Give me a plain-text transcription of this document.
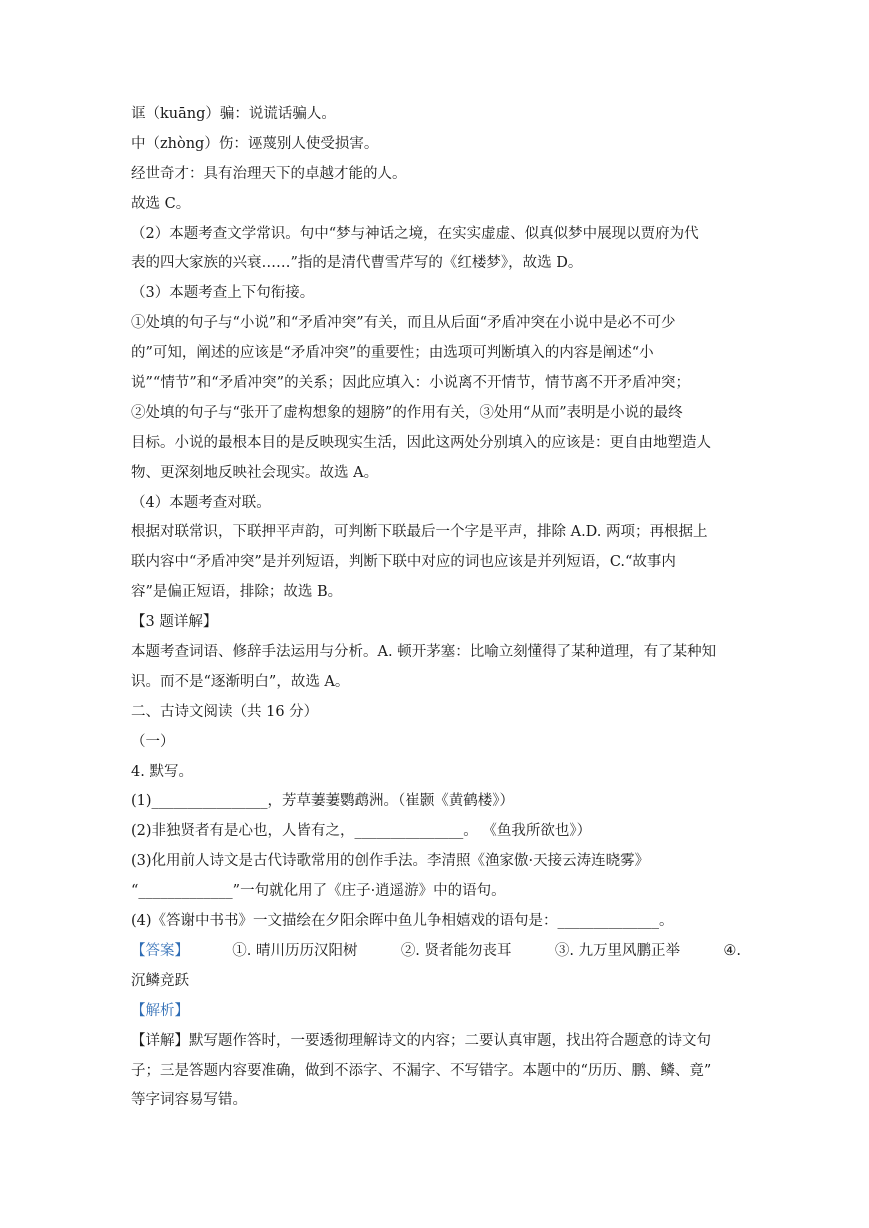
诓（kuāng）骗：说谎话骗人。
中（zhòng）伤：诬蔑别人使受损害。
经世奇才：具有治理天下的卓越才能的人。
故选 C。
（2）本题考查文学常识。句中“梦与神话之境，在实实虚虚、似真似梦中展现以贾府为代
表的四大家族的兴衰……”指的是清代曹雪芹写的《红楼梦》，故选 D。
（3）本题考查上下句衔接。
①处填的句子与“小说”和“矛盾冲突”有关，而且从后面“矛盾冲突在小说中是必不可少
的”可知，阐述的应该是“矛盾冲突”的重要性；由选项可判断填入的内容是阐述“小
说”“情节”和“矛盾冲突”的关系；因此应填入：小说离不开情节，情节离不开矛盾冲突；
②处填的句子与“张开了虚构想象的翅膀”的作用有关，③处用“从而”表明是小说的最终
目标。小说的最根本目的是反映现实生活，因此这两处分别填入的应该是：更自由地塑造人
物、更深刻地反映社会现实。故选 A。
（4）本题考查对联。
根据对联常识，下联押平声韵，可判断下联最后一个字是平声，排除 A.D. 两项；再根据上
联内容中“矛盾冲突”是并列短语，判断下联中对应的词也应该是并列短语，C.“故事内
容”是偏正短语，排除；故选 B。
【3 题详解】
本题考查词语、修辞手法运用与分析。A. 顿开茅塞：比喻立刻懂得了某种道理，有了某种知
识。而不是“逐渐明白”，故选 A。
二、古诗文阅读（共 16 分）
（一）
4. 默写。
(1)________________，芳草萋萋鹦鹉洲。（崔颢《黄鹤楼》）
(2)非独贤者有是心也，人皆有之，_______________。 《鱼我所欲也》）
(3)化用前人诗文是古代诗歌常用的创作手法。李清照《渔家傲·天接云涛连晓雾》
“_____________”一句就化用了《庄子·逍遥游》中的语句。
(4)《答谢中书书》一文描绘在夕阳余晖中鱼儿争相嬉戏的语句是：______________。
【答案】	①. 晴川历历汉阳树	②. 贤者能勿丧耳	③. 九万里风鹏正举	④.
沉鳞竞跃
【解析】
【详解】默写题作答时，一要透彻理解诗文的内容；二要认真审题，找出符合题意的诗文句
子；三是答题内容要准确，做到不添字、不漏字、不写错字。本题中的“历历、鹏、鳞、竟”
等字词容易写错。
